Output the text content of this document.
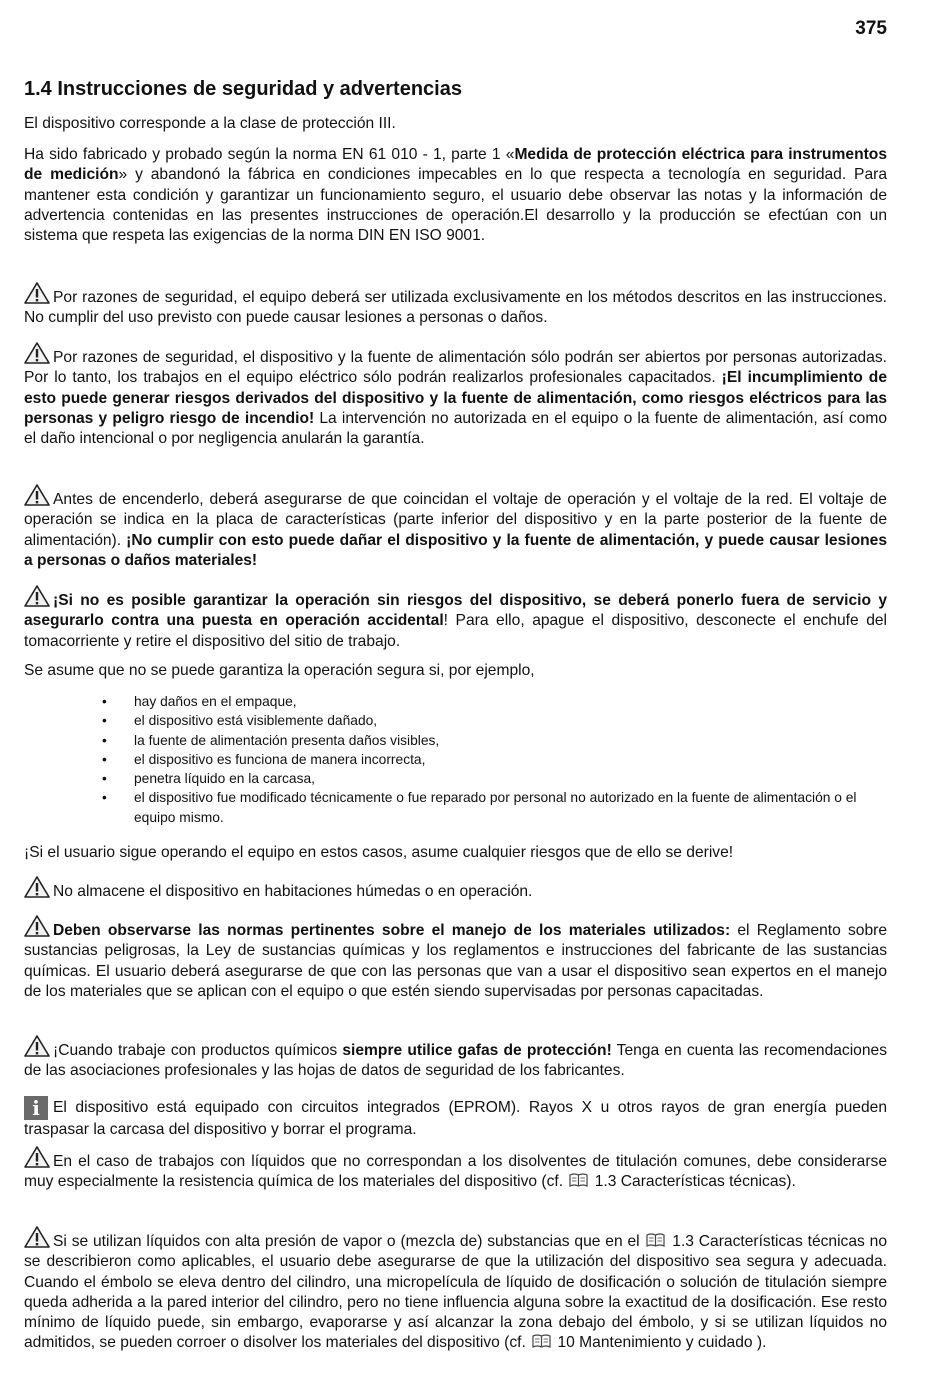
375
1.4 Instrucciones de seguridad y advertencias

El dispositivo corresponde a la clase de protección III.

Ha sido fabricado y probado según la norma EN 61 010 - 1, parte 1 «Medida de protección eléctrica para instrumentos de medición» y abandonó la fábrica en condiciones impecables en lo que respecta a tecnología en seguridad. Para mantener esta condición y garantizar un funcionamiento seguro, el usuario debe observar las notas y la información de advertencia contenidas en las presentes instrucciones de operación.El desarrollo y la producción se efectúan con un sistema que respeta las exigencias de la norma DIN EN ISO 9001.

Por razones de seguridad, el equipo deberá ser utilizada exclusivamente en los métodos descritos en las instrucciones. No cumplir del uso previsto con puede causar lesiones a personas o daños.

Por razones de seguridad, el dispositivo y la fuente de alimentación sólo podrán ser abiertos por personas autorizadas. Por lo tanto, los trabajos en el equipo eléctrico sólo podrán realizarlos profesionales capacitados. ¡El incumplimiento de esto puede generar riesgos derivados del dispositivo y la fuente de alimentación, como riesgos eléctricos para las personas y peligro riesgo de incendio! La intervención no autorizada en el equipo o la fuente de alimentación, así como el daño intencional o por negligencia anularán la garantía.

Antes de encenderlo, deberá asegurarse de que coincidan el voltaje de operación y el voltaje de la red. El voltaje de operación se indica en la placa de características (parte inferior del dispositivo y en la parte posterior de la fuente de alimentación). ¡No cumplir con esto puede dañar el dispositivo y la fuente de alimentación, y puede causar lesiones a personas o daños materiales!

¡Si no es posible garantizar la operación sin riesgos del dispositivo, se deberá ponerlo fuera de servicio y asegurarlo contra una puesta en operación accidental! Para ello, apague el dispositivo, desconecte el enchufe del tomacorriente y retire el dispositivo del sitio de trabajo.

Se asume que no se puede garantiza la operación segura si, por ejemplo,

• hay daños en el empaque,
• el dispositivo está visiblemente dañado,
• la fuente de alimentación presenta daños visibles,
• el dispositivo es funciona de manera incorrecta,
• penetra líquido en la carcasa,
• el dispositivo fue modificado técnicamente o fue reparado por personal no autorizado en la fuente de alimentación o el equipo mismo.

¡Si el usuario sigue operando el equipo en estos casos, asume cualquier riesgos que de ello se derive!

No almacene el dispositivo en habitaciones húmedas o en operación.

Deben observarse las normas pertinentes sobre el manejo de los materiales utilizados: el Reglamento sobre sustancias peligrosas, la Ley de sustancias químicas y los reglamentos e instrucciones del fabricante de las sustancias químicas. El usuario deberá asegurarse de que con las personas que van a usar el dispositivo sean expertos en el manejo de los materiales que se aplican con el equipo o que estén siendo supervisadas por personas capacitadas.

¡Cuando trabaje con productos químicos siempre utilice gafas de protección! Tenga en cuenta las recomendaciones de las asociaciones profesionales y las hojas de datos de seguridad de los fabricantes.

i El dispositivo está equipado con circuitos integrados (EPROM). Rayos X u otros rayos de gran energía pueden traspasar la carcasa del dispositivo y borrar el programa.

En el caso de trabajos con líquidos que no correspondan a los disolventes de titulación comunes, debe considerarse muy especialmente la resistencia química de los materiales del dispositivo (cf.  1.3 Características técnicas).

Si se utilizan líquidos con alta presión de vapor o (mezcla de) substancias que en el  1.3 Características técnicas no se describieron como aplicables, el usuario debe asegurarse de que la utilización del dispositivo sea segura y adecuada. Cuando el émbolo se eleva dentro del cilindro, una micropelícula de líquido de dosificación o solución de titulación siempre queda adherida a la pared interior del cilindro, pero no tiene influencia alguna sobre la exactitud de la dosificación. Ese resto mínimo de líquido puede, sin embargo, evaporarse y así alcanzar la zona debajo del émbolo, y si se utilizan líquidos no admitidos, se pueden corroer o disolver los materiales del dispositivo (cf.  10 Mantenimiento y cuidado ).
